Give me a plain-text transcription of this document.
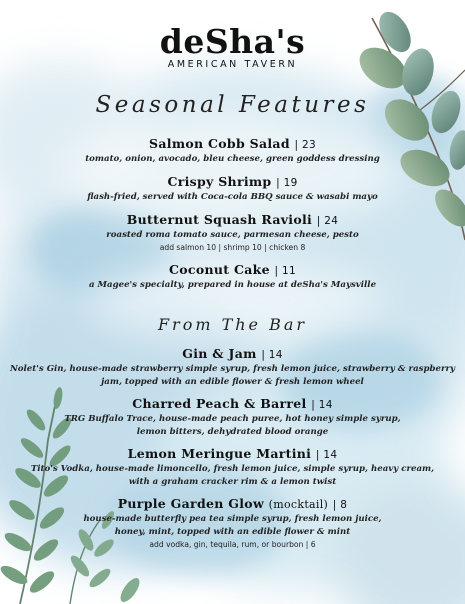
deSha's
AMERICAN TAVERN
Seasonal Features
Salmon Cobb Salad | 23
tomato, onion, avocado, bleu cheese, green goddess dressing
Crispy Shrimp | 19
flash-fried, served with Coca-cola BBQ sauce & wasabi mayo
Butternut Squash Ravioli | 24
roasted roma tomato sauce, parmesan cheese, pesto
add salmon 10 | shrimp 10 | chicken 8
Coconut Cake | 11
a Magee's specialty, prepared in house at deSha's Maysville
From The Bar
Gin & Jam | 14
Nolet's Gin, house-made strawberry simple syrup, fresh lemon juice, strawberry & raspberry
jam, topped with an edible flower & fresh lemon wheel
Charred Peach & Barrel | 14
TRG Buffalo Trace, house-made peach puree, hot honey simple syrup,
lemon bitters, dehydrated blood orange
Lemon Meringue Martini | 14
Tito's Vodka, house-made limoncello, fresh lemon juice, simple syrup, heavy cream,
with a graham cracker rim & a lemon twist
Purple Garden Glow (mocktail) | 8
house-made butterfly pea tea simple syrup, fresh lemon juice,
honey, mint, topped with an edible flower & mint
add vodka, gin, tequila, rum, or bourbon | 6
